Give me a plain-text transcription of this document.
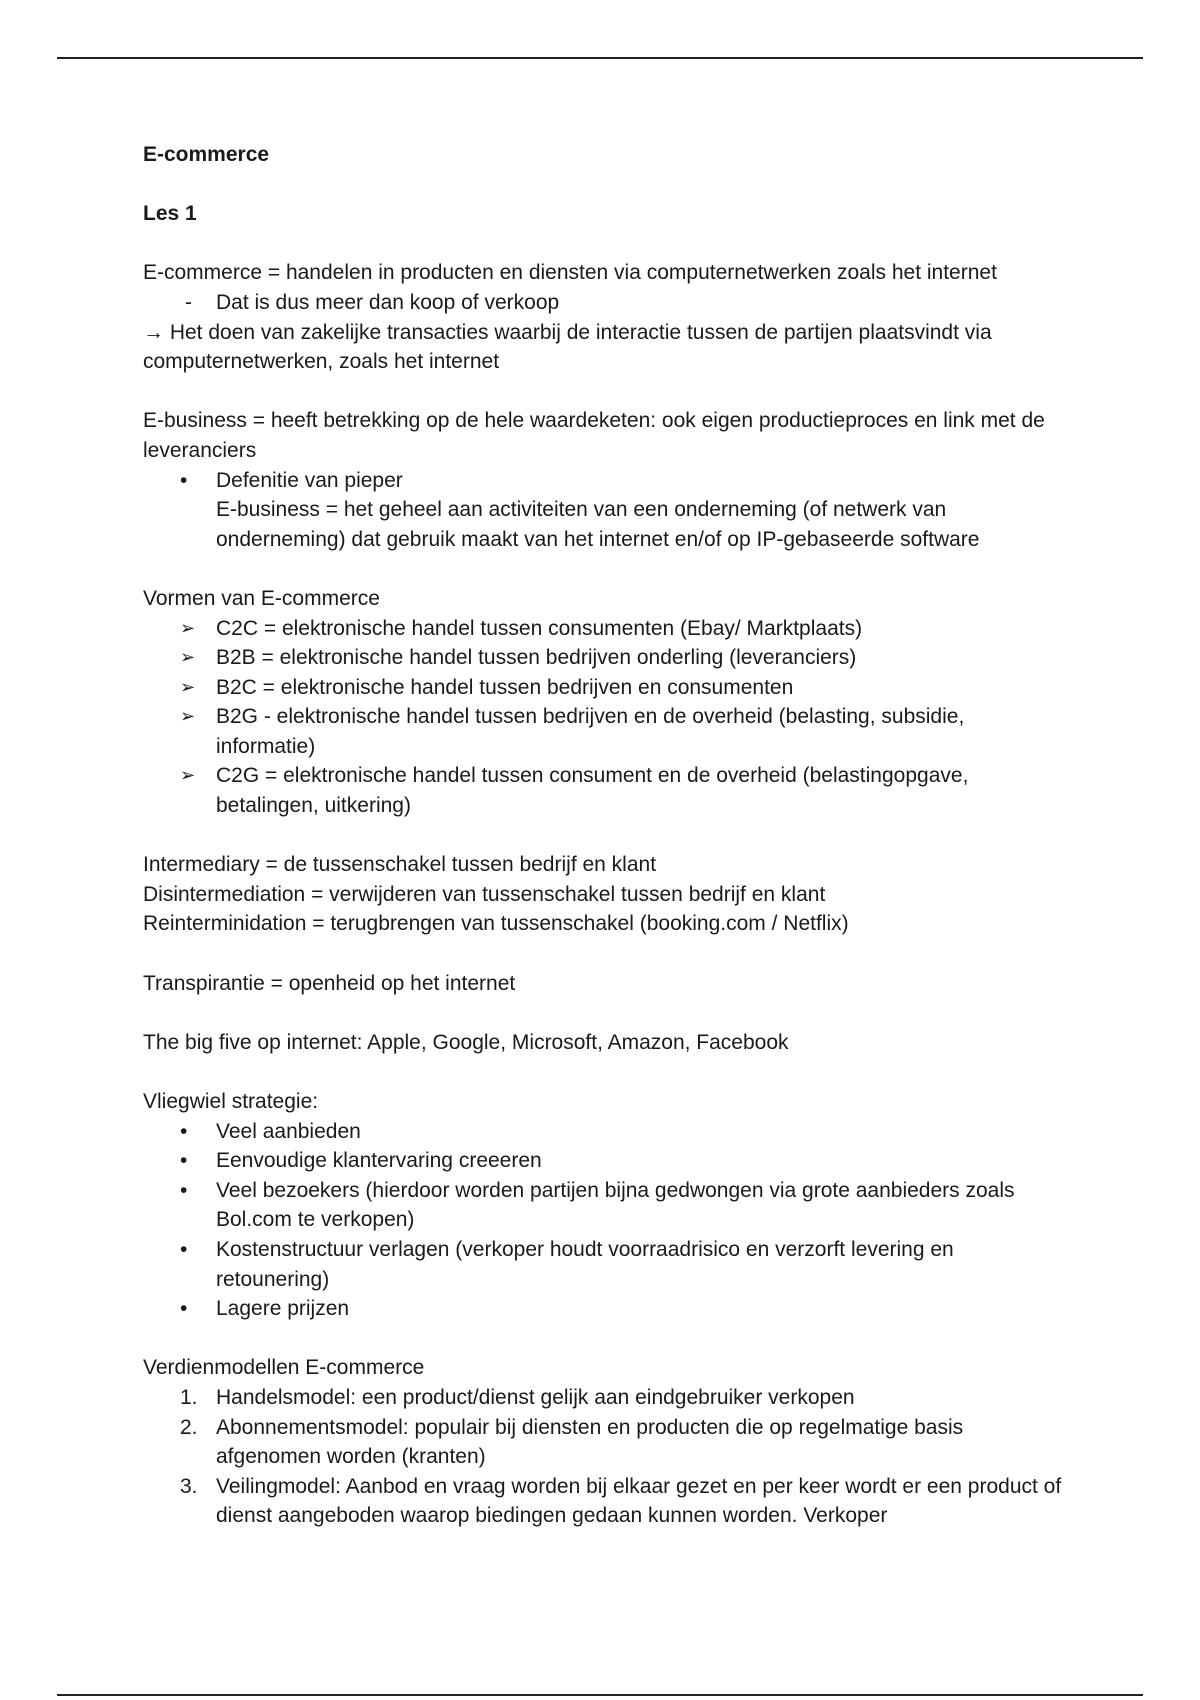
E-commerce

Les 1

E-commerce = handelen in producten en diensten via computernetwerken zoals het internet

-	Dat is dus meer dan koop of verkoop

→ Het doen van zakelijke transacties waarbij de interactie tussen de partijen plaatsvindt via computernetwerken, zoals het internet

E-business = heeft betrekking op de hele waardeketen: ook eigen productieproces en link met de leveranciers

•	Defenitie van pieper
E-business = het geheel aan activiteiten van een onderneming (of netwerk van onderneming) dat gebruik maakt van het internet en/of op IP-gebaseerde software

Vormen van E-commerce

➢ C2C = elektronische handel tussen consumenten (Ebay/ Marktplaats)
➢ B2B = elektronische handel tussen bedrijven onderling (leveranciers)
➢ B2C = elektronische handel tussen bedrijven en consumenten
➢ B2G - elektronische handel tussen bedrijven en de overheid (belasting, subsidie, informatie)
➢ C2G = elektronische handel tussen consument en de overheid (belastingopgave, betalingen, uitkering)

Intermediary = de tussenschakel tussen bedrijf en klant

Disintermediation = verwijderen van tussenschakel tussen bedrijf en klant

Reinterminidation = terugbrengen van tussenschakel (booking.com / Netflix)

Transpirantie = openheid op het internet

The big five op internet: Apple, Google, Microsoft, Amazon, Facebook

Vliegwiel strategie:

•	Veel aanbieden
•	Eenvoudige klantervaring creeeren
•	Veel bezoekers (hierdoor worden partijen bijna gedwongen via grote aanbieders zoals Bol.com te verkopen)
•	Kostenstructuur verlagen (verkoper houdt voorraadrisico en verzorft levering en retounering)
•	Lagere prijzen

Verdienmodellen E-commerce

1. Handelsmodel: een product/dienst gelijk aan eindgebruiker verkopen
2. Abonnementsmodel: populair bij diensten en producten die op regelmatige basis afgenomen worden (kranten)
3. Veilingmodel: Aanbod en vraag worden bij elkaar gezet en per keer wordt er een product of dienst aangeboden waarop biedingen gedaan kunnen worden. Verkoper
